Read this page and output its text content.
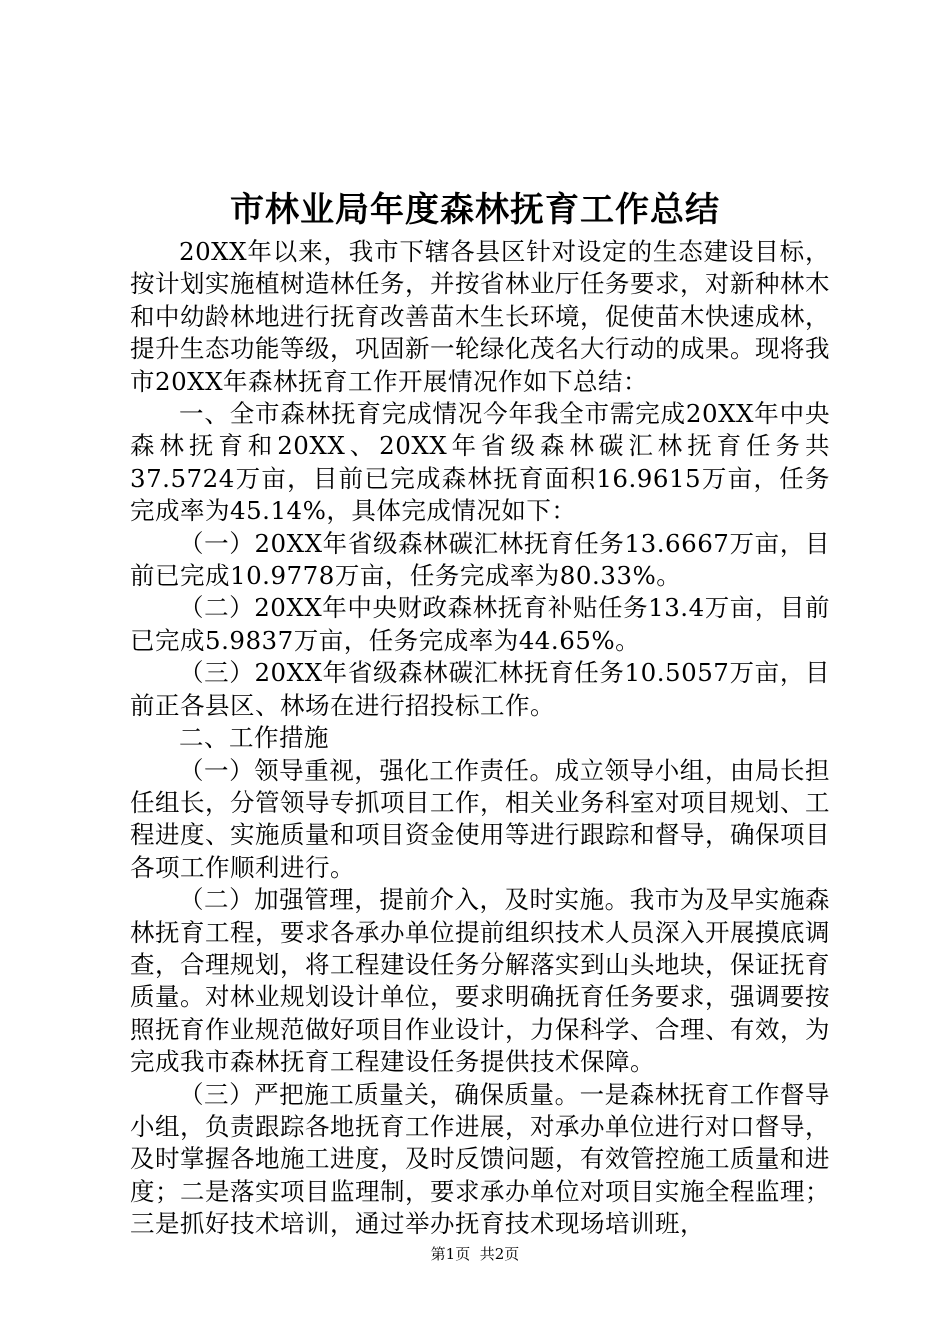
市林业局年度森林抚育工作总结

20XX年以来，我市下辖各县区针对设定的生态建设目标，按计划实施植树造林任务，并按省林业厅任务要求，对新种林木和中幼龄林地进行抚育改善苗木生长环境，促使苗木快速成林，提升生态功能等级，巩固新一轮绿化茂名大行动的成果。现将我市20XX年森林抚育工作开展情况作如下总结：

一、全市森林抚育完成情况今年我全市需完成20XX年中央森林抚育和20XX、20XX年省级森林碳汇林抚育任务共37.5724万亩，目前已完成森林抚育面积16.9615万亩，任务完成率为45.14%，具体完成情况如下：

（一）20XX年省级森林碳汇林抚育任务13.6667万亩，目前已完成10.9778万亩，任务完成率为80.33%。

（二）20XX年中央财政森林抚育补贴任务13.4万亩，目前已完成5.9837万亩，任务完成率为44.65%。

（三）20XX年省级森林碳汇林抚育任务10.5057万亩，目前正各县区、林场在进行招投标工作。

二、工作措施

（一）领导重视，强化工作责任。成立领导小组，由局长担任组长，分管领导专抓项目工作，相关业务科室对项目规划、工程进度、实施质量和项目资金使用等进行跟踪和督导，确保项目各项工作顺利进行。

（二）加强管理，提前介入，及时实施。我市为及早实施森林抚育工程，要求各承办单位提前组织技术人员深入开展摸底调查，合理规划，将工程建设任务分解落实到山头地块，保证抚育质量。对林业规划设计单位，要求明确抚育任务要求，强调要按照抚育作业规范做好项目作业设计，力保科学、合理、有效，为完成我市森林抚育工程建设任务提供技术保障。

（三）严把施工质量关，确保质量。一是森林抚育工作督导小组，负责跟踪各地抚育工作进展，对承办单位进行对口督导，及时掌握各地施工进度，及时反馈问题，有效管控施工质量和进度；二是落实项目监理制，要求承办单位对项目实施全程监理；三是抓好技术培训，通过举办抚育技术现场培训班，

第1页 共2页
